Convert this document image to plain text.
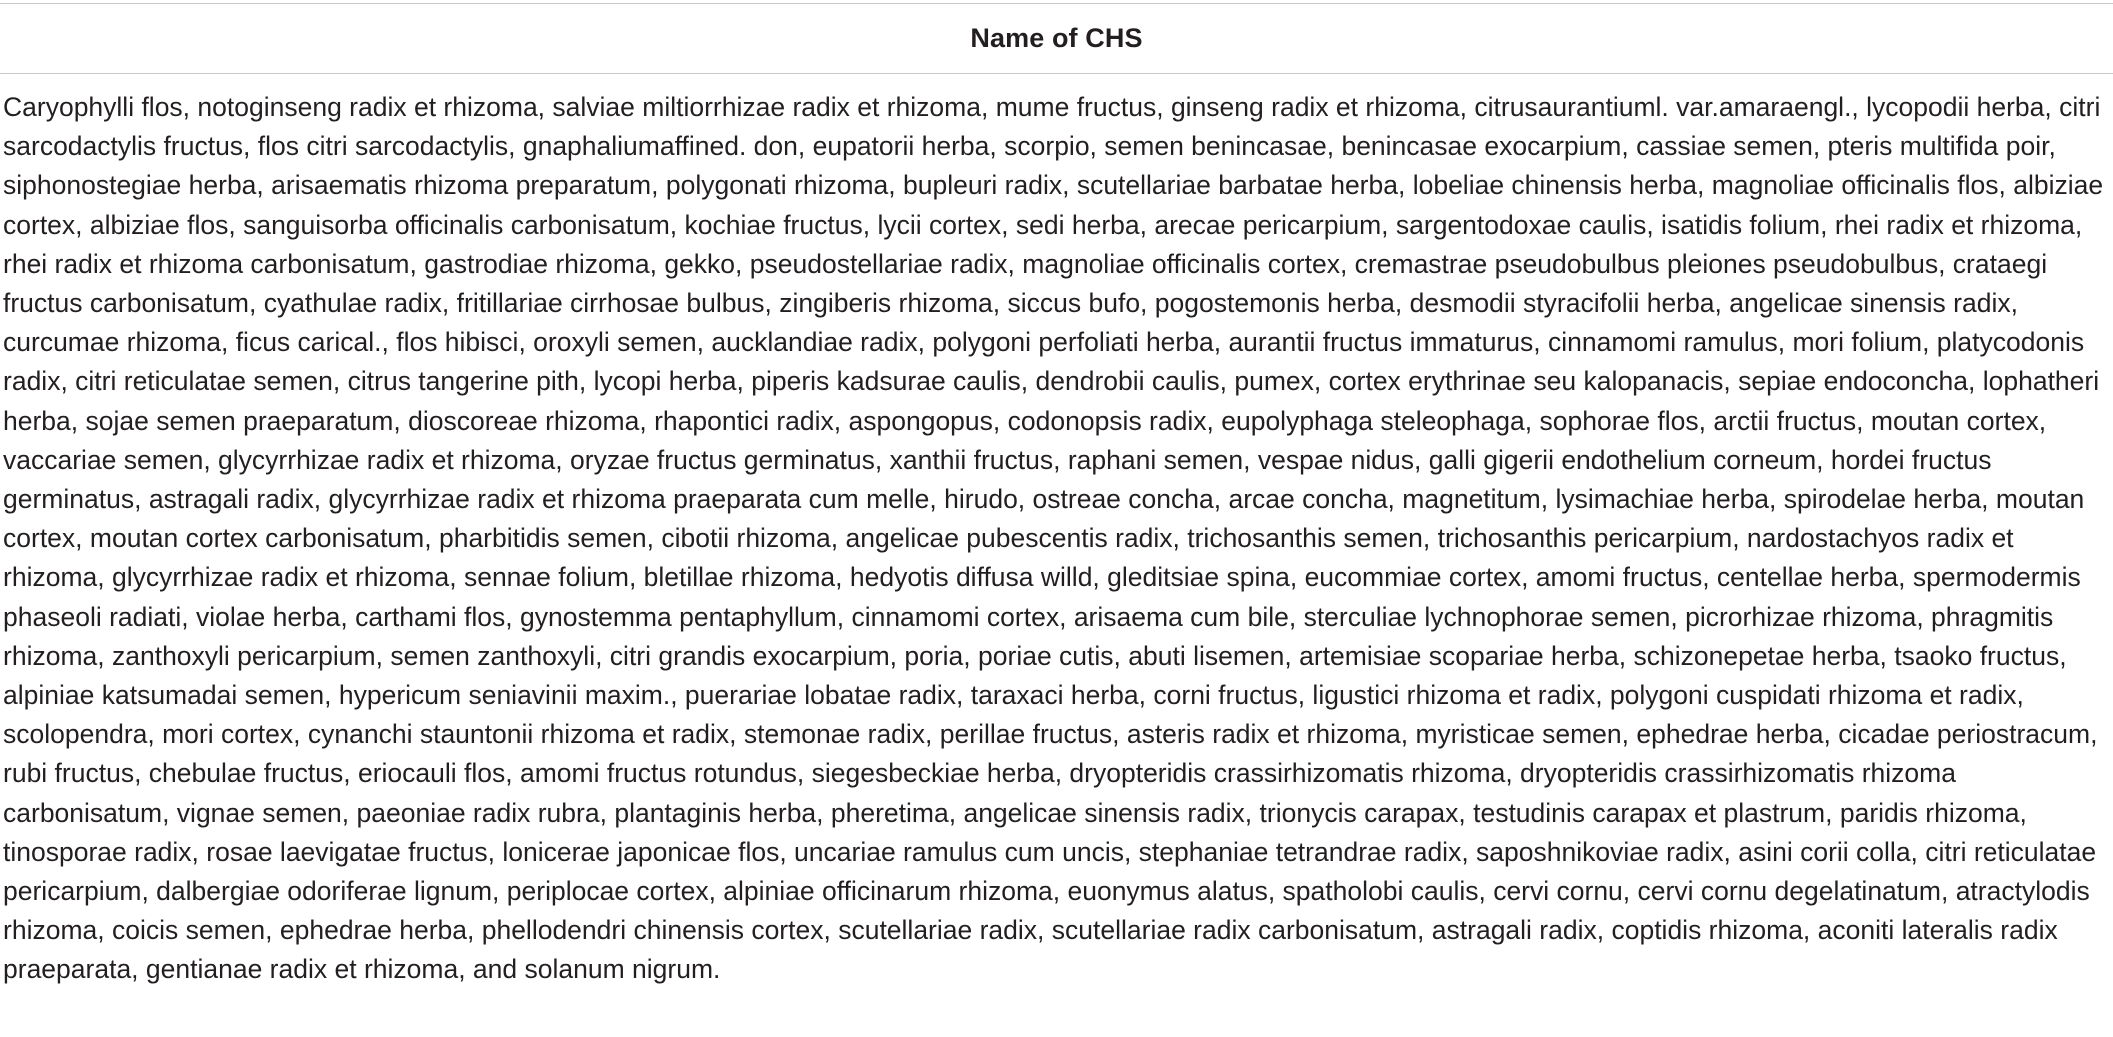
Name of CHS

Caryophylli flos, notoginseng radix et rhizoma, salviae miltiorrhizae radix et rhizoma, mume fructus, ginseng radix et rhizoma, citrusaurantiuml. var.amaraengl., lycopodii herba, citri sarcodactylis fructus, flos citri sarcodactylis, gnaphaliumaffined. don, eupatorii herba, scorpio, semen benincasae, benincasae exocarpium, cassiae semen, pteris multifida poir, siphonostegiae herba, arisaematis rhizoma preparatum, polygonati rhizoma, bupleuri radix, scutellariae barbatae herba, lobeliae chinensis herba, magnoliae officinalis flos, albiziae cortex, albiziae flos, sanguisorba officinalis carbonisatum, kochiae fructus, lycii cortex, sedi herba, arecae pericarpium, sargentodoxae caulis, isatidis folium, rhei radix et rhizoma, rhei radix et rhizoma carbonisatum, gastrodiae rhizoma, gekko, pseudostellariae radix, magnoliae officinalis cortex, cremastrae pseudobulbus pleiones pseudobulbus, crataegi fructus carbonisatum, cyathulae radix, fritillariae cirrhosae bulbus, zingiberis rhizoma, siccus bufo, pogostemonis herba, desmodii styracifolii herba, angelicae sinensis radix, curcumae rhizoma, ficus carical., flos hibisci, oroxyli semen, aucklandiae radix, polygoni perfoliati herba, aurantii fructus immaturus, cinnamomi ramulus, mori folium, platycodonis radix, citri reticulatae semen, citrus tangerine pith, lycopi herba, piperis kadsurae caulis, dendrobii caulis, pumex, cortex erythrinae seu kalopanacis, sepiae endoconcha, lophatheri herba, sojae semen praeparatum, dioscoreae rhizoma, rhapontici radix, aspongopus, codonopsis radix, eupolyphaga steleophaga, sophorae flos, arctii fructus, moutan cortex, vaccariae semen, glycyrrhizae radix et rhizoma, oryzae fructus germinatus, xanthii fructus, raphani semen, vespae nidus, galli gigerii endothelium corneum, hordei fructus germinatus, astragali radix, glycyrrhizae radix et rhizoma praeparata cum melle, hirudo, ostreae concha, arcae concha, magnetitum, lysimachiae herba, spirodelae herba, moutan cortex, moutan cortex carbonisatum, pharbitidis semen, cibotii rhizoma, angelicae pubescentis radix, trichosanthis semen, trichosanthis pericarpium, nardostachyos radix et rhizoma, glycyrrhizae radix et rhizoma, sennae folium, bletillae rhizoma, hedyotis diffusa willd, gleditsiae spina, eucommiae cortex, amomi fructus, centellae herba, spermodermis phaseoli radiati, violae herba, carthami flos, gynostemma pentaphyllum, cinnamomi cortex, arisaema cum bile, sterculiae lychnophorae semen, picrorhizae rhizoma, phragmitis rhizoma, zanthoxyli pericarpium, semen zanthoxyli, citri grandis exocarpium, poria, poriae cutis, abuti lisemen, artemisiae scopariae herba, schizonepetae herba, tsaoko fructus, alpiniae katsumadai semen, hypericum seniavinii maxim., puerariae lobatae radix, taraxaci herba, corni fructus, ligustici rhizoma et radix, polygoni cuspidati rhizoma et radix, scolopendra, mori cortex, cynanchi stauntonii rhizoma et radix, stemonae radix, perillae fructus, asteris radix et rhizoma, myristicae semen, ephedrae herba, cicadae periostracum, rubi fructus, chebulae fructus, eriocauli flos, amomi fructus rotundus, siegesbeckiae herba, dryopteridis crassirhizomatis rhizoma, dryopteridis crassirhizomatis rhizoma carbonisatum, vignae semen, paeoniae radix rubra, plantaginis herba, pheretima, angelicae sinensis radix, trionycis carapax, testudinis carapax et plastrum, paridis rhizoma, tinosporae radix, rosae laevigatae fructus, lonicerae japonicae flos, uncariae ramulus cum uncis, stephaniae tetrandrae radix, saposhnikoviae radix, asini corii colla, citri reticulatae pericarpium, dalbergiae odoriferae lignum, periplocae cortex, alpiniae officinarum rhizoma, euonymus alatus, spatholobi caulis, cervi cornu, cervi cornu degelatinatum, atractylodis rhizoma, coicis semen, ephedrae herba, phellodendri chinensis cortex, scutellariae radix, scutellariae radix carbonisatum, astragali radix, coptidis rhizoma, aconiti lateralis radix praeparata, gentianae radix et rhizoma, and solanum nigrum.
